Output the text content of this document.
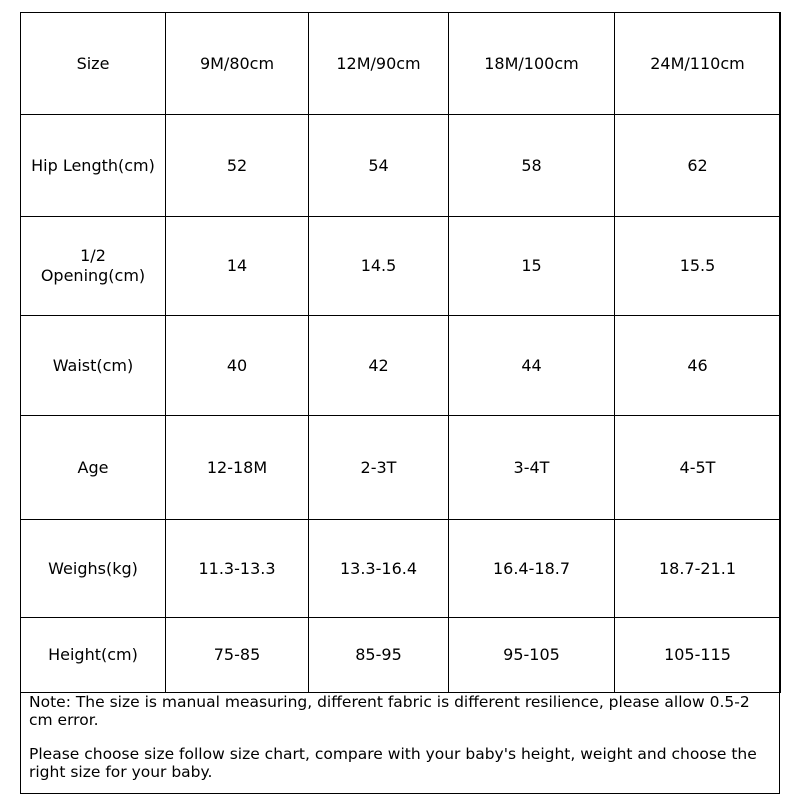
Size	9M/80cm	12M/90cm	18M/100cm	24M/110cm
Hip Length(cm)	52	54	58	62
1/2
Opening(cm)	14	14.5	15	15.5
Waist(cm)	40	42	44	46
Age	12-18M	2-3T	3-4T	4-5T
Weighs(kg)	11.3-13.3	13.3-16.4	16.4-18.7	18.7-21.1
Height(cm)	75-85	85-95	95-105	105-115

Note: The size is manual measuring, different fabric is different resilience, please allow 0.5-2 cm error.

Please choose size follow size chart, compare with your baby's height, weight and choose the right size for your baby.
